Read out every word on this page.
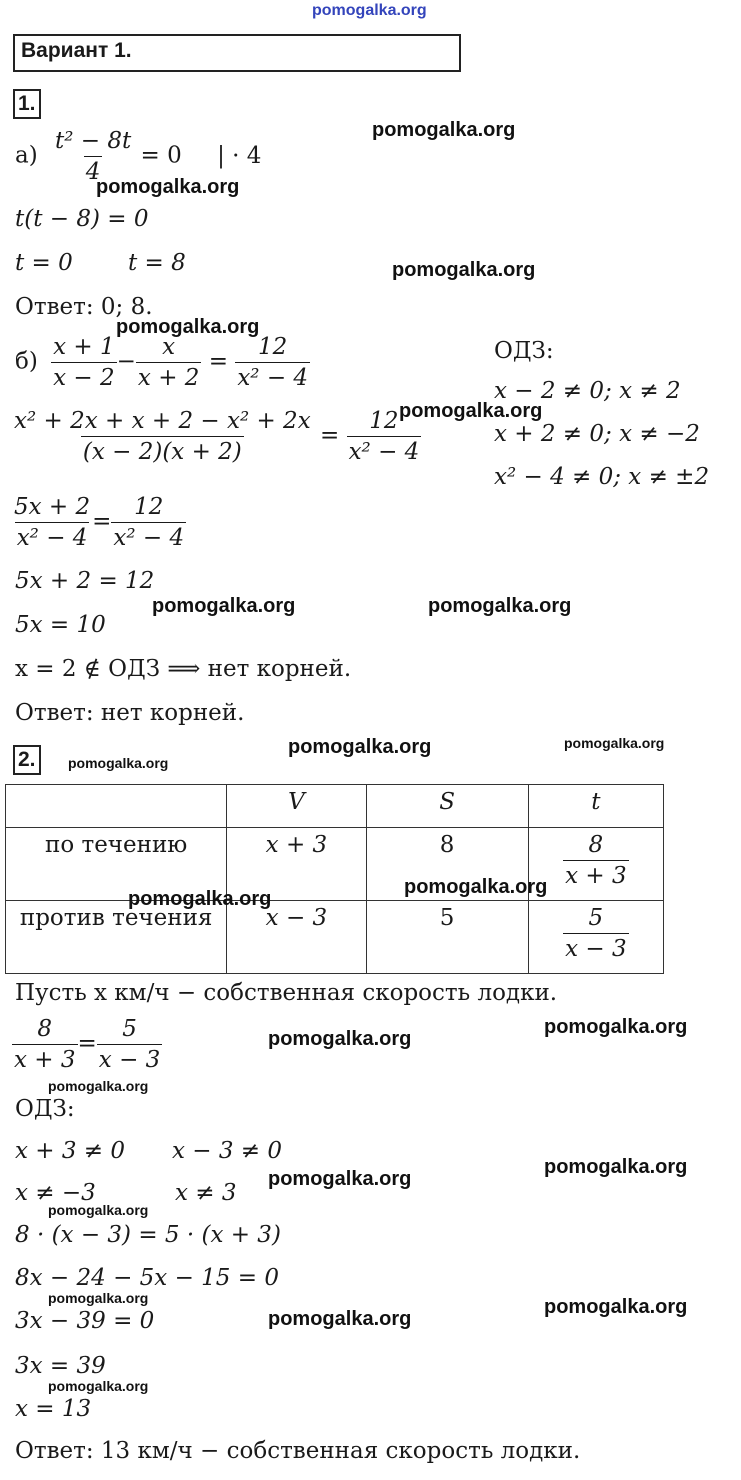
pomogalka.org
Вариант 1.
1.
$а) \frac{\text{t² − 8t}}{4} = 0$ | · 4
t(t − 8) = 0
t = 0 t = 8
Ответ: 0; 8.
$б) \frac{x + 1}{x - 2} - \frac{x}{x + 2} = \frac{12}{\text{x² − 4}}$
$\frac{\text{x² + 2x + x + 2 − x² + 2x}}{(x - 2)(x + 2)} = \frac{12}{\text{x² − 4}}$
$\frac{5x + 2}{\text{x² − 4}} = \frac{12}{\text{x² − 4}}$
5x + 2 = 12
5x = 10
x = 2 ∉ ОДЗ ⟹ нет корней.
Ответ: нет корней.
ОДЗ:
x − 2 ≠ 0; x ≠ 2
x + 2 ≠ 0; x ≠ −2
x² − 4 ≠ 0; x ≠ ±2
2.
	V	S	t
по течению	x + 3	8	$\frac{8}{x + 3}$

против течения	x − 3	5	$\frac{5}{x - 3}$
Пусть x км/ч − собственная скорость лодки.
$\frac{8}{x + 3} = \frac{5}{x - 3}$
ОДЗ:
x + 3 ≠ 0 x − 3 ≠ 0
x ≠ −3	x ≠ 3
8 · (x − 3) = 5 · (x + 3)
8x − 24 − 5x − 15 = 0
3x − 39 = 0
3x = 39
x = 13
Ответ: 13 км/ч − собственная скорость лодки.
pomogalka.org
pomogalka.org
pomogalka.org
pomogalka.org
pomogalka.org
pomogalka.org	pomogalka.org
pomogalka.org	pomogalka.org
pomogalka.org
pomogalka.org
pomogalka.org
pomogalka.org
pomogalka.org
pomogalka.org
pomogalka.org
pomogalka.org
pomogalka.org
pomogalka.org	pomogalka.org
pomogalka.org
pomogalka.org
